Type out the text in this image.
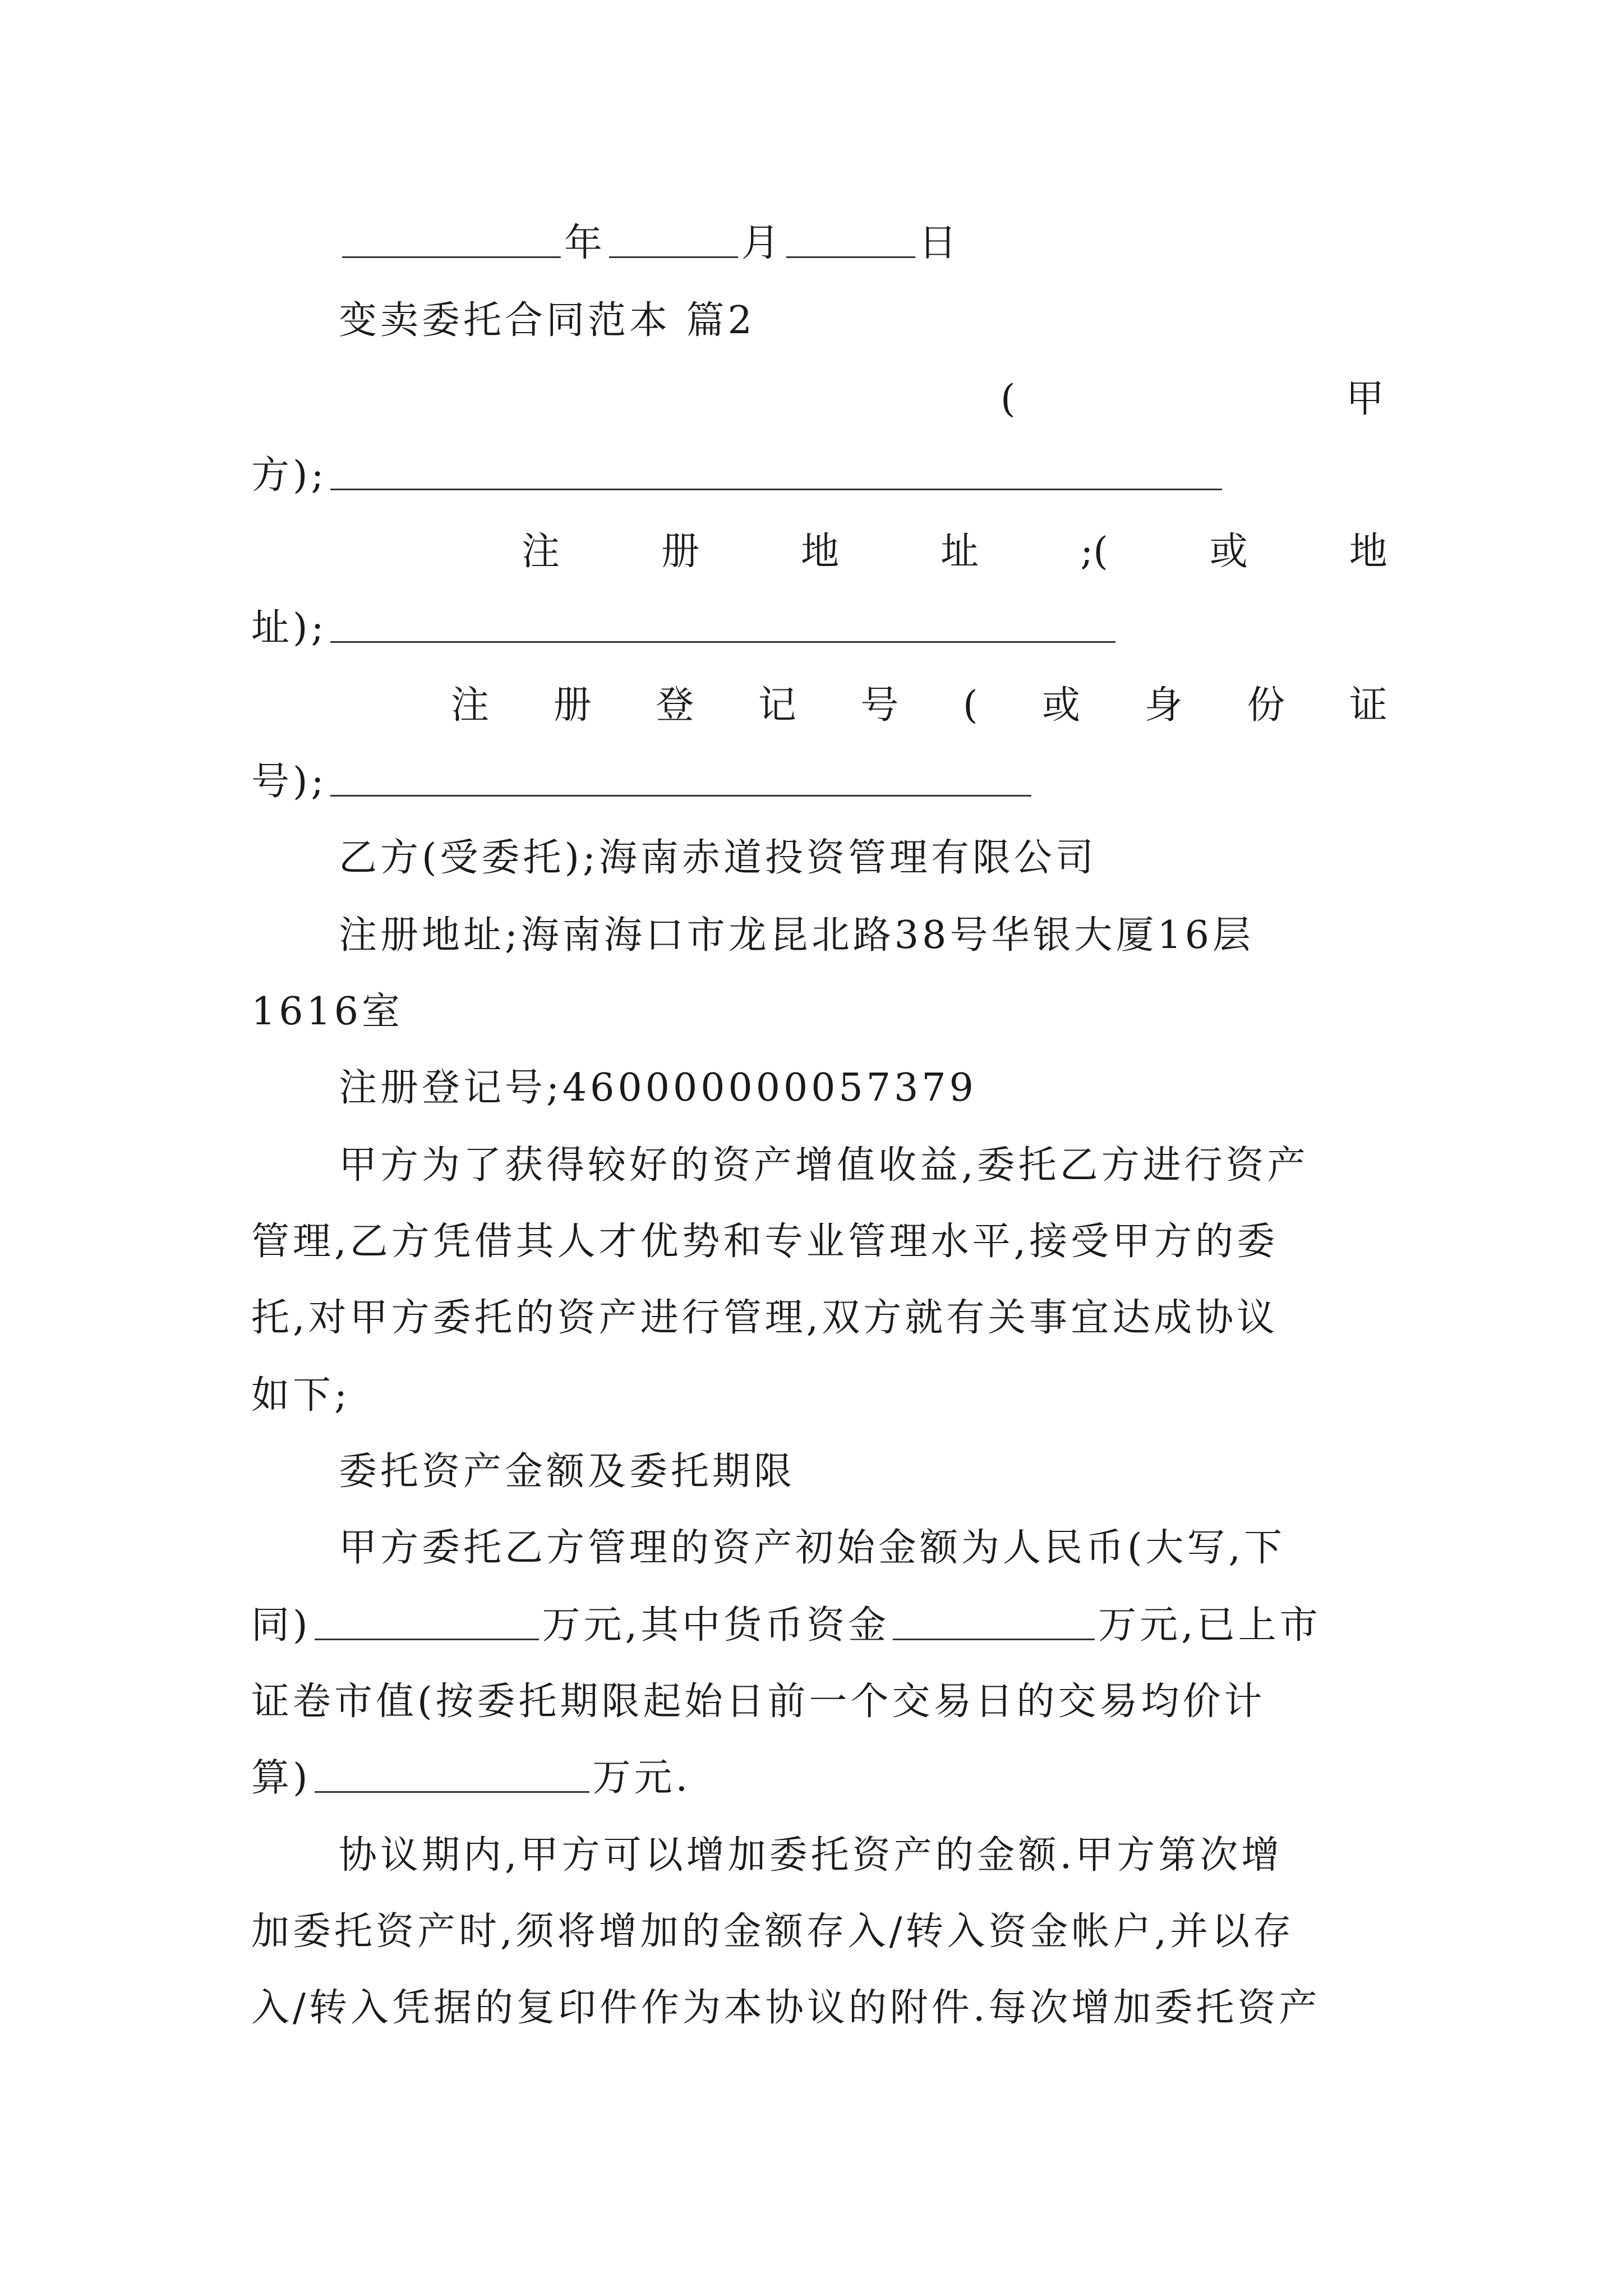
年	月	日
变卖委托合同范本 篇2
(	甲
方);
注	册	地	址	;(	或	地
址);
注 册 登 记 号 ( 或 身 份 证
号);
乙方(受委托);海南赤道投资管理有限公司
注册地址;海南海口市龙昆北路38号华银大厦16层
1616室
注册登记号;460000000057379
甲方为了获得较好的资产增值收益,委托乙方进行资产
管理,乙方凭借其人才优势和专业管理水平,接受甲方的委
托,对甲方委托的资产进行管理,双方就有关事宜达成协议
如下;
委托资产金额及委托期限
甲方委托乙方管理的资产初始金额为人民币(大写,下
同)	万元,其中货币资金	万元,已上市
证卷市值(按委托期限起始日前一个交易日的交易均价计
算)	万元.
协议期内,甲方可以增加委托资产的金额.甲方第次增
加委托资产时,须将增加的金额存入/转入资金帐户,并以存
入/转入凭据的复印件作为本协议的附件.每次增加委托资产
